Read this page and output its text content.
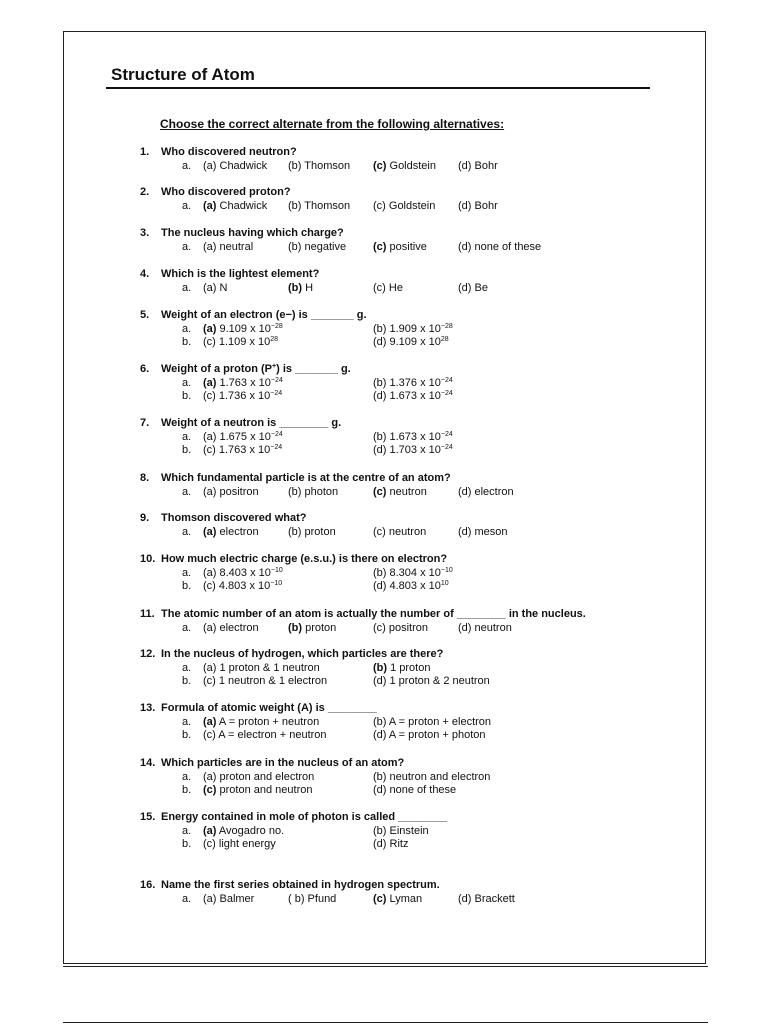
Structure of Atom
Choose the correct alternate from the following alternatives:
1. Who discovered neutron?
a. (a) Chadwick (b) Thomson (c) Goldstein (d) Bohr
2. Who discovered proton?
a. (a) Chadwick (b) Thomson (c) Goldstein (d) Bohr
3. The nucleus having which charge?
a. (a) neutral	(b) negative (c) positive	(d) none of these
4. Which is the lightest element?
a. (a) N	(b) H	(c) He	(d) Be
5. Weight of an electron (e−) is _______ g.
a. (a) 9.109 x $10^{-28}$	(b) 1.909 x $10^{-28}$
b. (c) 1.109 x $10^{28}$	(d) 9.109 x $10^{28}$
6. Weight of a proton (P+) is _______ g.
a. (a) 1.763 x $10^{-24}$	(b) 1.376 x $10^{-24}$
b. (c) 1.736 x $10^{-24}$	(d) 1.673 x $10^{-24}$
7. Weight of a neutron is ________ g.
a. (a) 1.675 x $10^{-24}$	(b) 1.673 x $10^{-24}$
b. (c) 1.763 x $10^{-24}$	(d) 1.703 x $10^{-24}$
8. Which fundamental particle is at the centre of an atom?
a. (a) positron	(b) photon	(c) neutron	(d) electron
9. Thomson discovered what?
a. (a) electron	(b) proton	(c) neutron	(d) meson
10. How much electric charge (e.s.u.) is there on electron?
a. (a) 8.403 x $10^{-10}$	(b) 8.304 x $10^{-10}$
b. (c) 4.803 x $10^{-10}$	(d) 4.803 x $10^{10}$
11. The atomic number of an atom is actually the number of ________ in the nucleus.
a. (a) electron	(b) proton	(c) positron	(d) neutron
12. In the nucleus of hydrogen, which particles are there?
a. (a) 1 proton & 1 neutron	(b) 1 proton
b. (c) 1 neutron & 1 electron	(d) 1 proton & 2 neutron
13. Formula of atomic weight (A) is ________
a. (a) A = proton + neutron	(b) A = proton + electron
b. (c) A = electron + neutron	(d) A = proton + photon
14. Which particles are in the nucleus of an atom?
a. (a) proton and electron	(b) neutron and electron
b. (c) proton and neutron	(d) none of these
15. Energy contained in mole of photon is called ________
a. (a) Avogadro no.	(b) Einstein
b. (c) light energy	(d) Ritz
16. Name the first series obtained in hydrogen spectrum.
a. (a) Balmer	( b) Pfund	(c) Lyman	(d) Brackett
